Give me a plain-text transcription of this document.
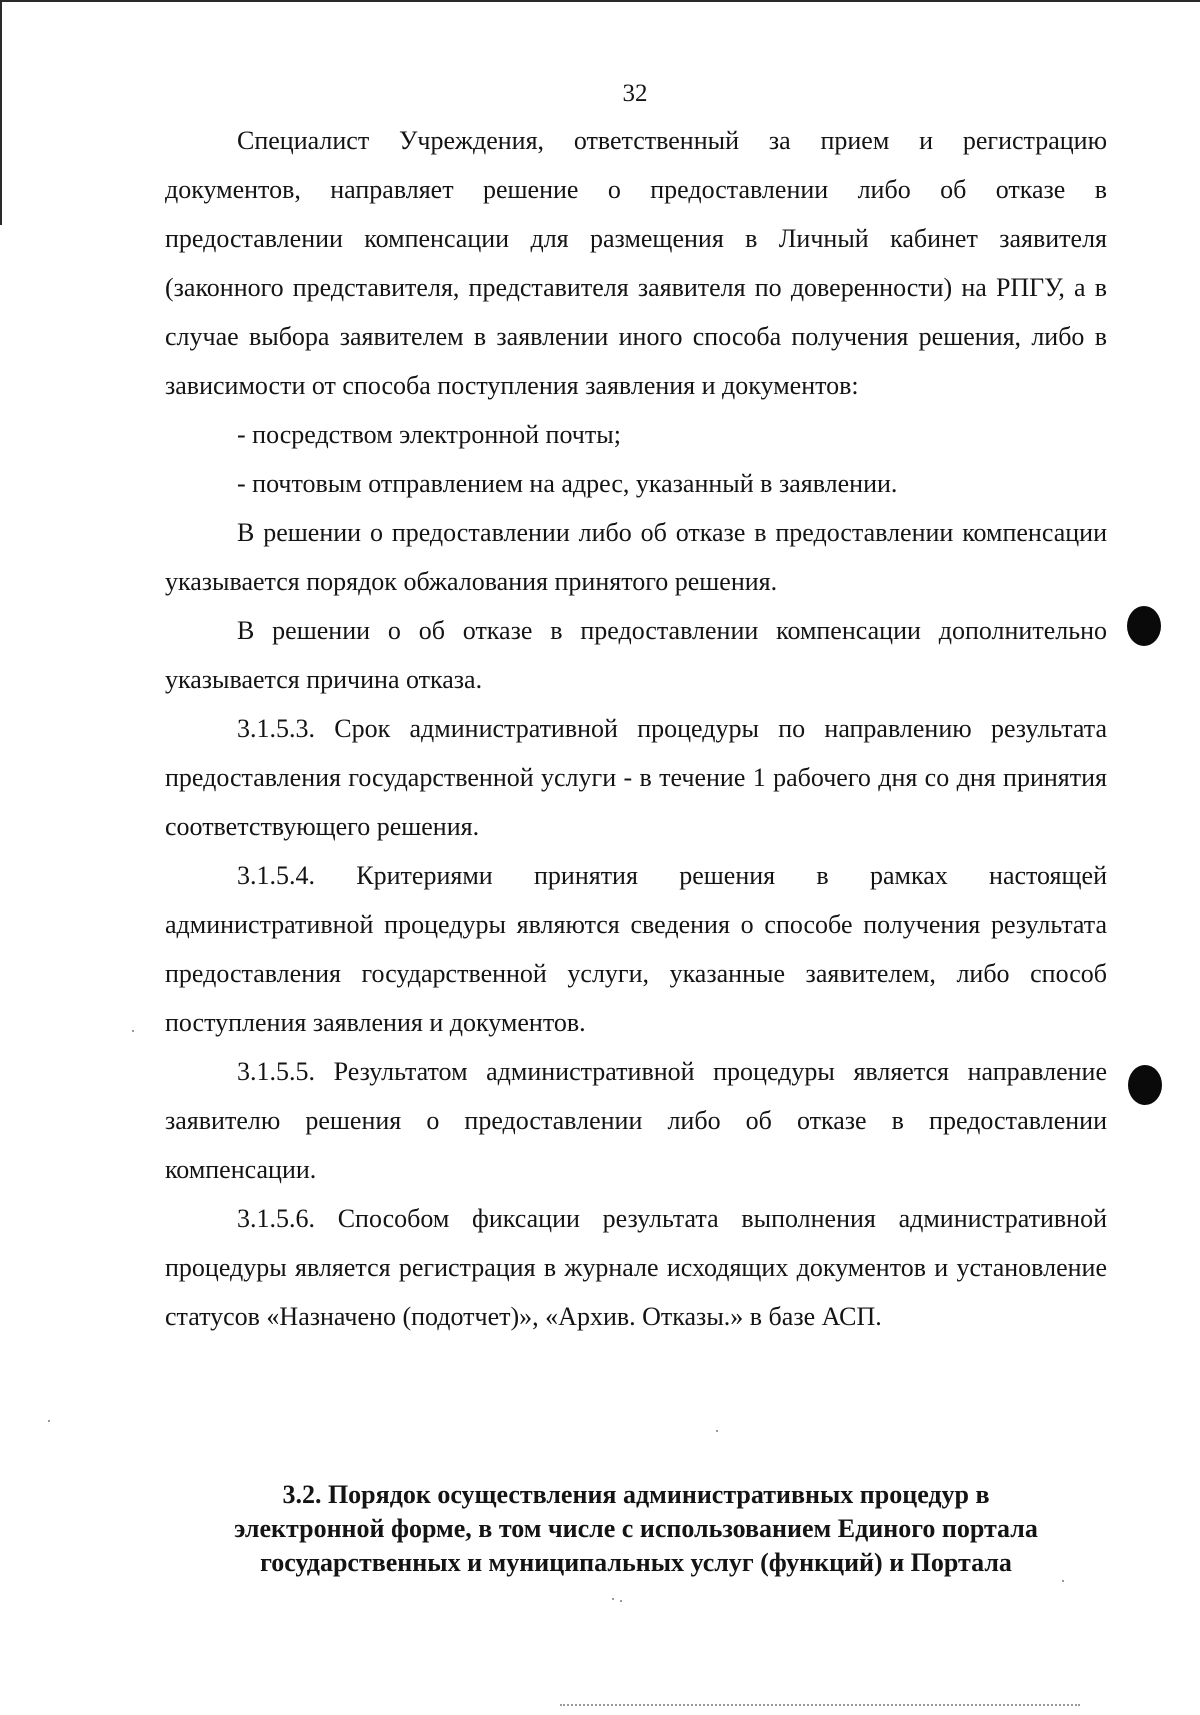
32

Специалист Учреждения, ответственный за прием и регистрацию документов, направляет решение о предоставлении либо об отказе в предоставлении компенсации для размещения в Личный кабинет заявителя (законного представителя, представителя заявителя по доверенности) на РПГУ, а в случае выбора заявителем в заявлении иного способа получения решения, либо в зависимости от способа поступления заявления и документов:

- посредством электронной почты;

- почтовым отправлением на адрес, указанный в заявлении.

В решении о предоставлении либо об отказе в предоставлении компенсации указывается порядок обжалования принятого решения.

В решении о об отказе в предоставлении компенсации дополнительно указывается причина отказа.

3.1.5.3. Срок административной процедуры по направлению результата предоставления государственной услуги - в течение 1 рабочего дня со дня принятия соответствующего решения.

3.1.5.4. Критериями принятия решения в рамках настоящей административной процедуры являются сведения о способе получения результата предоставления государственной услуги, указанные заявителем, либо способ поступления заявления и документов.

3.1.5.5. Результатом административной процедуры является направление заявителю решения о предоставлении либо об отказе в предоставлении компенсации.

3.1.5.6. Способом фиксации результата выполнения административной процедуры является регистрация в журнале исходящих документов и установление статусов «Назначено (подотчет)», «Архив. Отказы.» в базе АСП.

3.2. Порядок осуществления административных процедур в
электронной форме, в том числе с использованием Единого портала
государственных и муниципальных услуг (функций) и Портала
